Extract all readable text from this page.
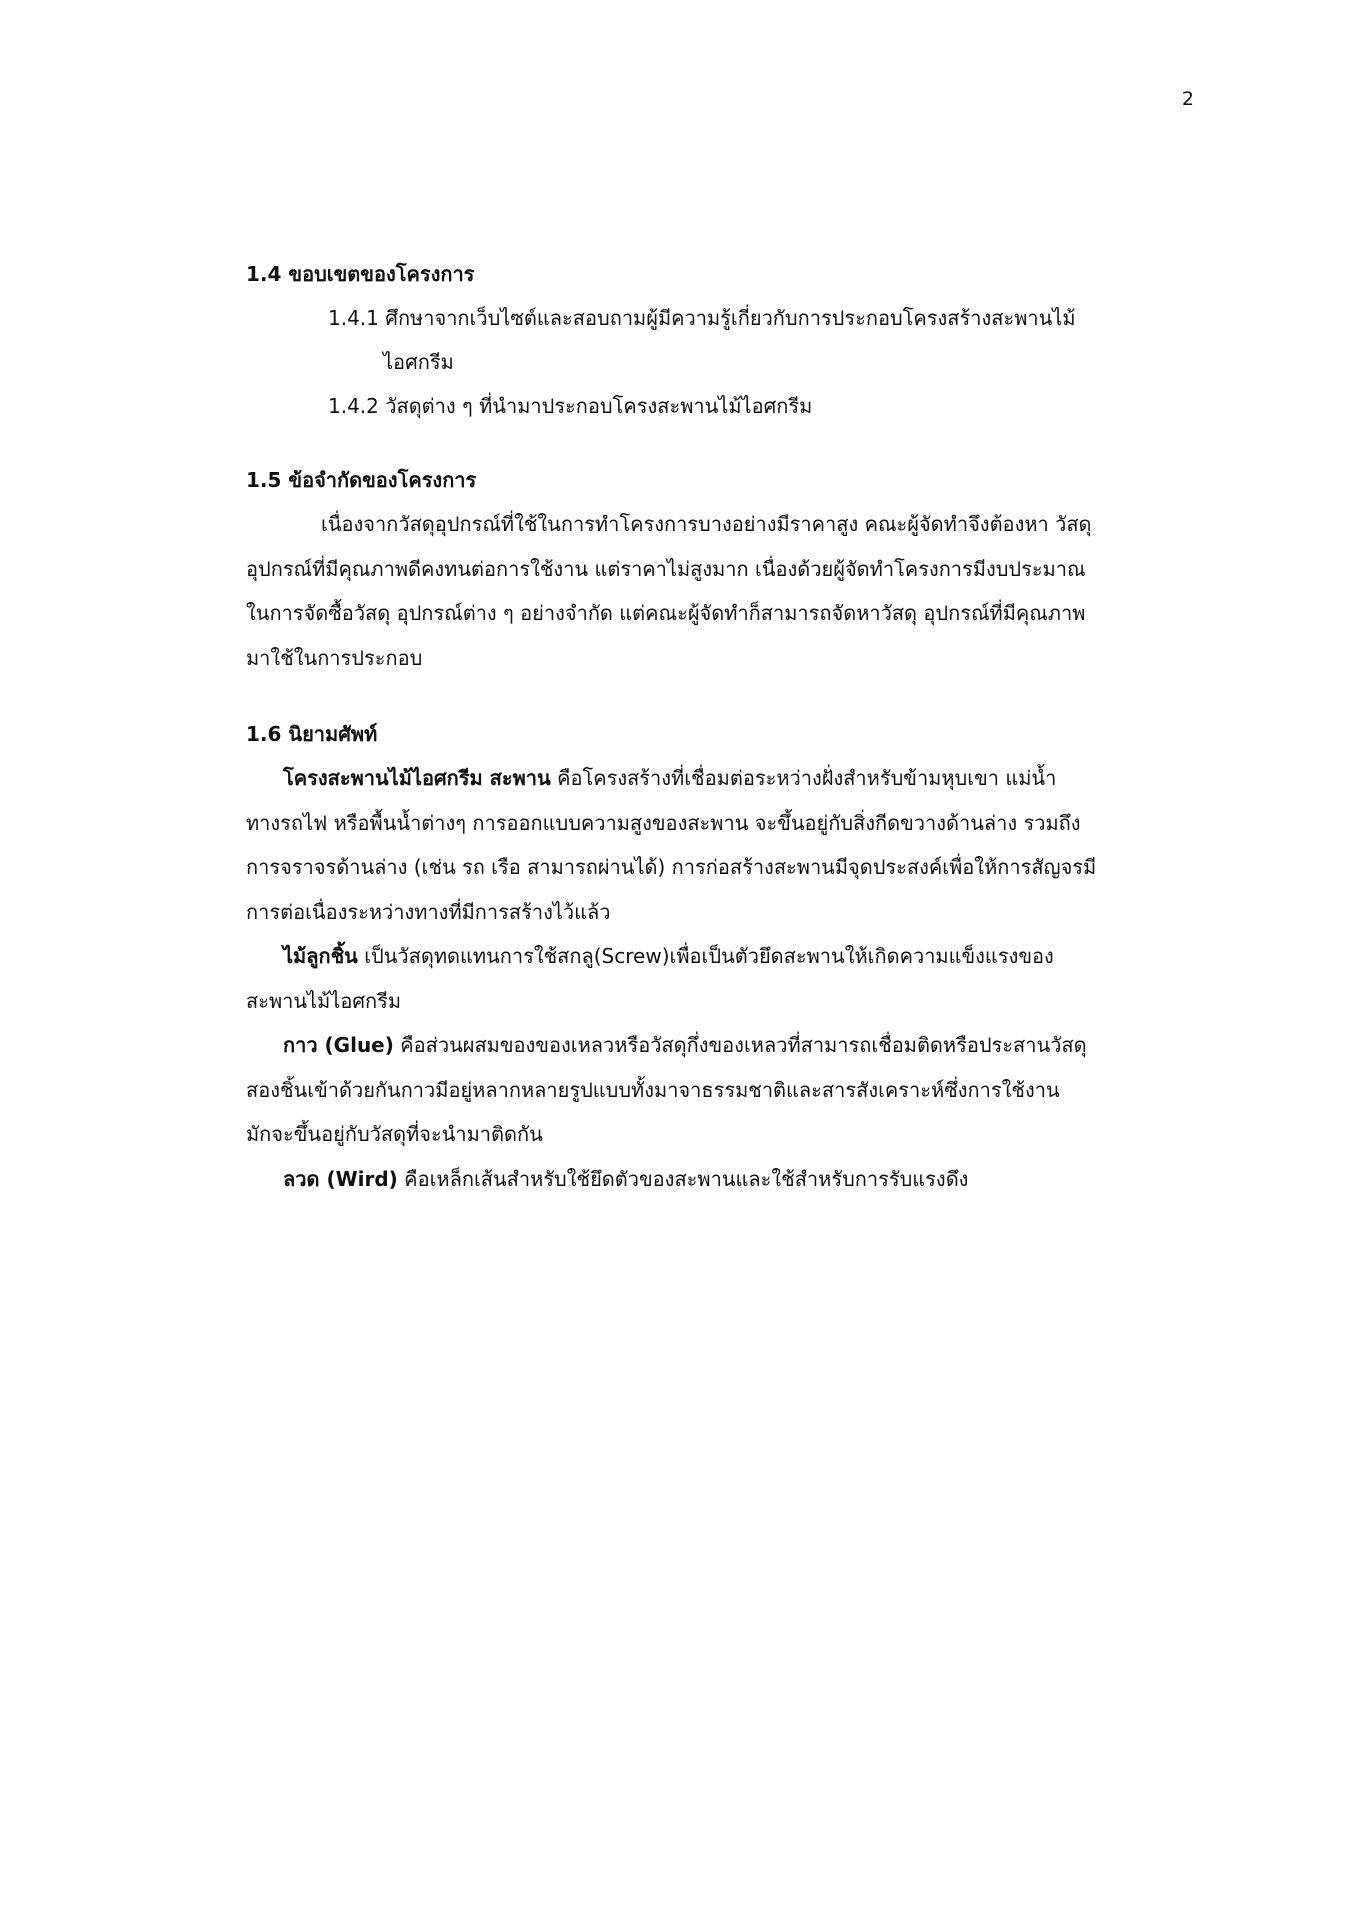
2
1.4 ขอบเขตของโครงการ

1.4.1 ศึกษาจากเว็บไซต์และสอบถามผู้มีความรู้เกี่ยวกับการประกอบโครงสร้างสะพานไม้
ไอศกรีม

1.4.2 วัสดุต่าง ๆ ที่นำมาประกอบโครงสะพานไม้ไอศกรีม

1.5 ข้อจำกัดของโครงการ

เนื่องจากวัสดุอุปกรณ์ที่ใช้ในการทำโครงการบางอย่างมีราคาสูง คณะผู้จัดทำจึงต้องหา วัสดุ
อุปกรณ์ที่มีคุณภาพดีคงทนต่อการใช้งาน แต่ราคาไม่สูงมาก เนื่องด้วยผู้จัดทำโครงการมีงบประมาณ
ในการจัดซื้อวัสดุ อุปกรณ์ต่าง ๆ อย่างจำกัด แต่คณะผู้จัดทำก็สามารถจัดหาวัสดุ อุปกรณ์ที่มีคุณภาพ
มาใช้ในการประกอบ

1.6 นิยามศัพท์

โครงสะพานไม้ไอศกรีม สะพาน คือโครงสร้างที่เชื่อมต่อระหว่างฝั่งสำหรับข้ามหุบเขา แม่น้ำ
ทางรถไฟ หรือพื้นน้ำต่างๆ การออกแบบความสูงของสะพาน จะขึ้นอยู่กับสิ่งกีดขวางด้านล่าง รวมถึง
การจราจรด้านล่าง (เช่น รถ เรือ สามารถผ่านได้) การก่อสร้างสะพานมีจุดประสงค์เพื่อให้การสัญจรมี
การต่อเนื่องระหว่างทางที่มีการสร้างไว้แล้ว

ไม้ลูกชิ้น เป็นวัสดุทดแทนการใช้สกลู(Screw)เพื่อเป็นตัวยึดสะพานให้เกิดความแข็งแรงของ
สะพานไม้ไอศกรีม

กาว (Glue) คือส่วนผสมของของเหลวหรือวัสดุกึ่งของเหลวที่สามารถเชื่อมติดหรือประสานวัสดุ
สองชิ้นเข้าด้วยกันกาวมีอยู่หลากหลายรูปแบบทั้งมาจาธรรมชาติและสารสังเคราะห์ซึ่งการใช้งาน
มักจะขึ้นอยู่กับวัสดุที่จะนำมาติดกัน

ลวด (Wird) คือเหล็กเส้นสำหรับใช้ยึดตัวของสะพานและใช้สำหรับการรับแรงดึง
